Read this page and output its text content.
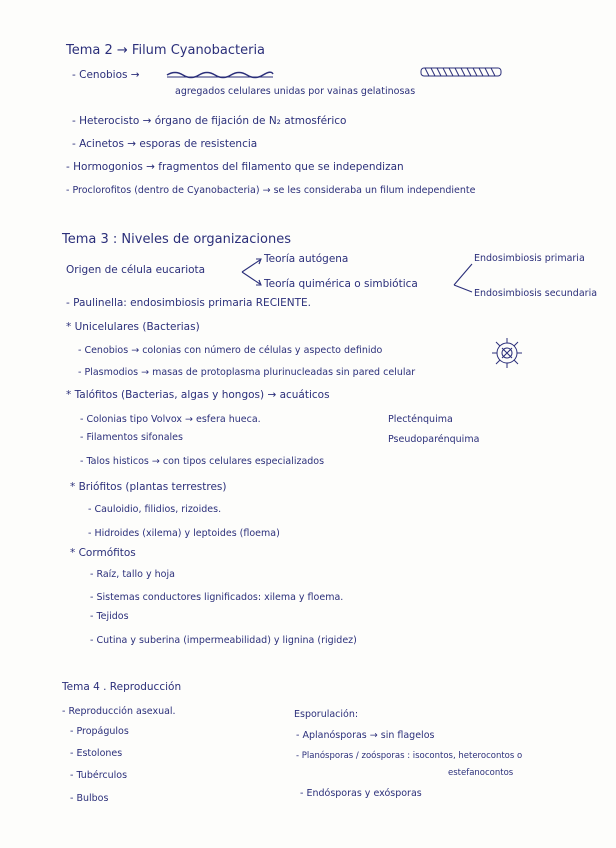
Tema 2 → Filum Cyanobacteria
- Cenobios →
agregados celulares unidas por vainas gelatinosas
- Heterocisto → órgano de fijación de N₂ atmosférico
- Acinetos → esporas de resistencia
- Hormogonios → fragmentos del filamento que se independizan
- Proclorofitos (dentro de Cyanobacteria) → se les consideraba un filum independiente
Tema 3 : Niveles de organizaciones
Origen de célula eucariota
Teoría autógena
Teoría quimérica o simbiótica
Endosimbiosis primaria
Endosimbiosis secundaria
- Paulinella: endosimbiosis primaria RECIENTE.
* Unicelulares (Bacterias)
- Cenobios → colonias con número de células y aspecto definido
- Plasmodios → masas de protoplasma plurinucleadas sin pared celular
* Talófitos (Bacterias, algas y hongos) → acuáticos
- Colonias tipo Volvox → esfera hueca.	Plecténquima
- Filamentos sifonales	Pseudoparénquima
- Talos histicos → con tipos celulares especializados
* Briófitos (plantas terrestres)
- Cauloidio, filidios, rizoides.
- Hidroides (xilema) y leptoides (floema)
* Cormófitos
- Raíz, tallo y hoja
- Sistemas conductores lignificados: xilema y floema.
- Tejidos
- Cutina y suberina (impermeabilidad) y lignina (rigidez)
Tema 4 . Reproducción
- Reproducción asexual.
- Propágulos
- Estolones
- Tubérculos
- Bulbos
Esporulación:
- Aplanósporas → sin flagelos
- Planósporas / zoósporas : isocontos, heterocontos o
estefanocontos
- Endósporas y exósporas
